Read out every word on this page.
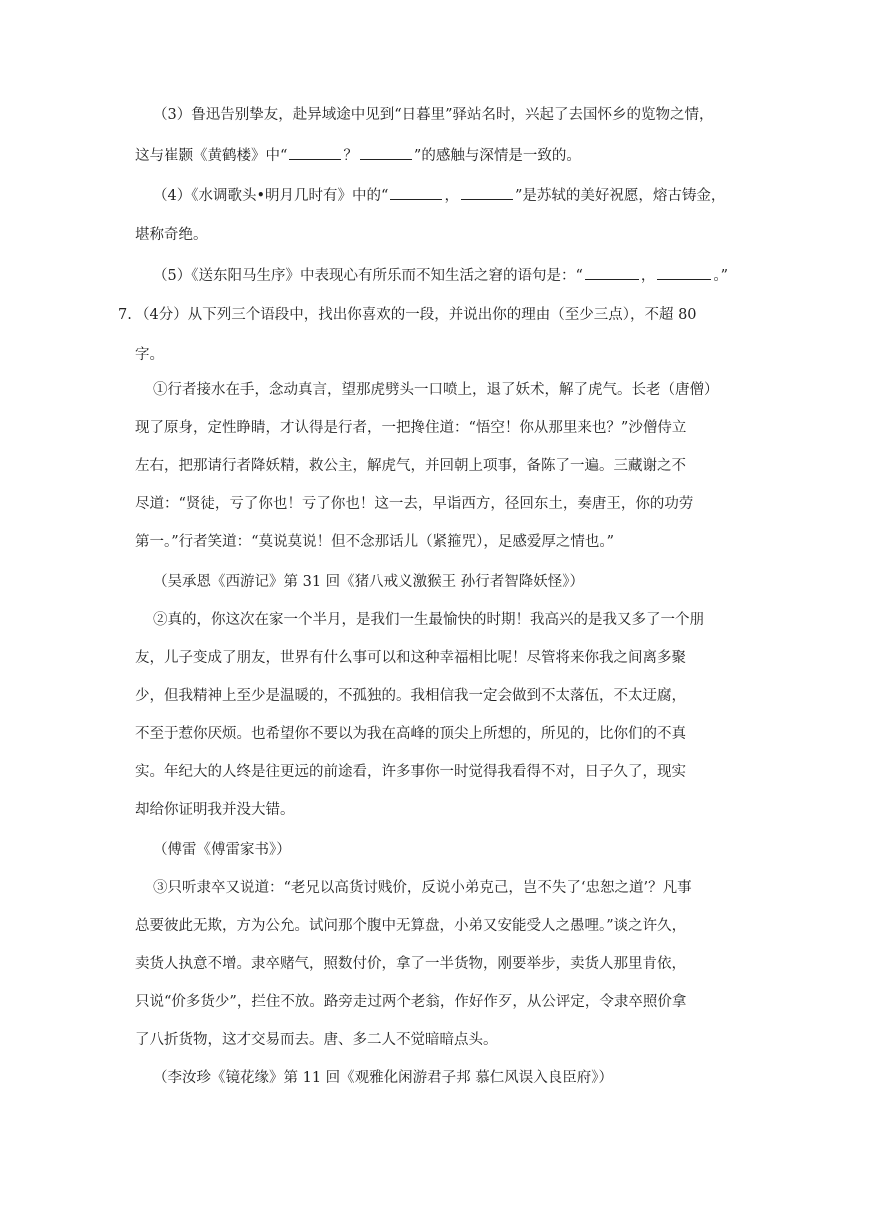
（3）鲁迅告别挚友，赴异域途中见到“日暮里”驿站名时，兴起了去国怀乡的览物之情，
这与崔颢《黄鹤楼》中“	？	”的感触与深情是一致的。
（4）《水调歌头•明月几时有》中的“	，	”是苏轼的美好祝愿，熔古铸金，
堪称奇绝。
（5）《送东阳马生序》中表现心有所乐而不知生活之窘的语句是：“	，	。”
7. （4分）从下列三个语段中，找出你喜欢的一段，并说出你的理由（至少三点），不超 80
字。
①行者接水在手，念动真言，望那虎劈头一口喷上，退了妖术，解了虎气。长老（唐僧）
现了原身，定性睁睛，才认得是行者，一把搀住道：“悟空！你从那里来也？”沙僧侍立
左右，把那请行者降妖精，救公主，解虎气，并回朝上项事，备陈了一遍。三藏谢之不
尽道：“贤徒，亏了你也！亏了你也！这一去，早诣西方，径回东土，奏唐王，你的功劳
第一。”行者笑道：“莫说莫说！但不念那话儿（紧箍咒），足感爱厚之情也。”
（吴承恩《西游记》第 31 回《猪八戒义激猴王 孙行者智降妖怪》）
②真的，你这次在家一个半月，是我们一生最愉快的时期！我高兴的是我又多了一个朋
友，儿子变成了朋友，世界有什么事可以和这种幸福相比呢！尽管将来你我之间离多聚
少，但我精神上至少是温暖的，不孤独的。我相信我一定会做到不太落伍，不太迂腐，
不至于惹你厌烦。也希望你不要以为我在高峰的顶尖上所想的，所见的，比你们的不真
实。年纪大的人终是往更远的前途看，许多事你一时觉得我看得不对，日子久了，现实
却给你证明我并没大错。
（傅雷《傅雷家书》）
③只听隶卒又说道：“老兄以高货讨贱价，反说小弟克己，岂不失了‘忠恕之道’？凡事
总要彼此无欺，方为公允。试问那个腹中无算盘，小弟又安能受人之愚哩。”谈之许久，
卖货人执意不增。隶卒赌气，照数付价，拿了一半货物，刚要举步，卖货人那里肯依，
只说“价多货少”，拦住不放。路旁走过两个老翁，作好作歹，从公评定，令隶卒照价拿
了八折货物，这才交易而去。唐、多二人不觉暗暗点头。
（李汝珍《镜花缘》第 11 回《观雅化闲游君子邦 慕仁风误入良臣府》）
